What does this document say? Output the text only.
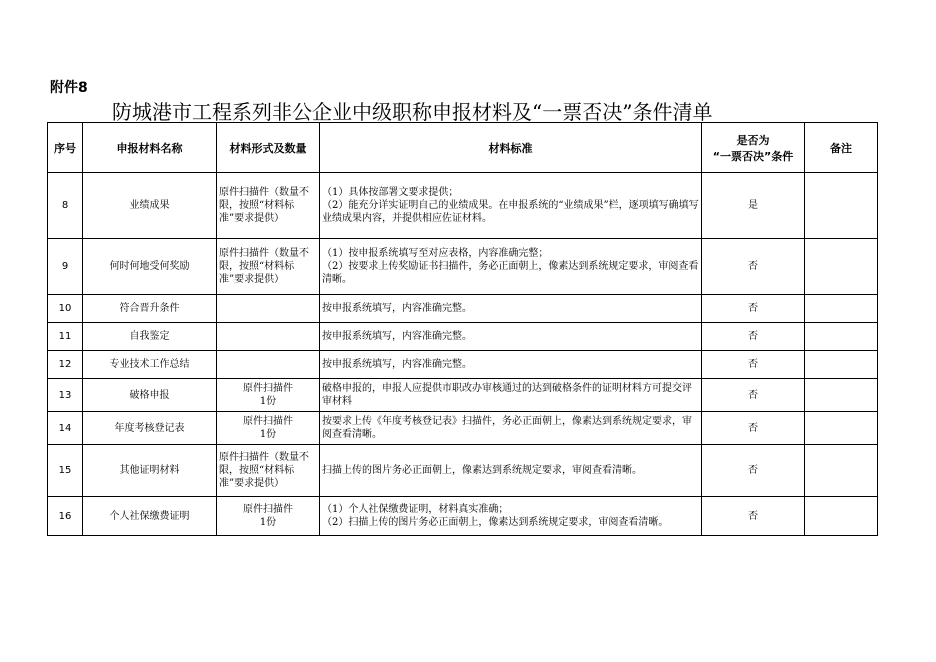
附件8
防城港市工程系列非公企业中级职称申报材料及“一票否决”条件清单
序号	申报材料名称	材料形式及数量	材料标准	是否为
“一票否决”条件	备注
8	业绩成果	原件扫描件（数量不限，按照“材料标准”要求提供）	（1）具体按部署文要求提供；
（2）能充分详实证明自己的业绩成果。在申报系统的“业绩成果”栏，逐项填写确填写业绩成果内容，并提供相应佐证材料。	是	
9	何时何地受何奖励	原件扫描件（数量不限，按照“材料标准”要求提供）	（1）按申报系统填写至对应表格，内容准确完整；
（2）按要求上传奖励证书扫描件，务必正面朝上，像素达到系统规定要求，审阅查看清晰。	否	
10	符合晋升条件		按申报系统填写，内容准确完整。	否	
11	自我鉴定		按申报系统填写，内容准确完整。	否	
12	专业技术工作总结		按申报系统填写，内容准确完整。	否	
13	破格申报	原件扫描件
1份	破格申报的，申报人应提供市职改办审核通过的达到破格条件的证明材料方可提交评审材料	否	
14	年度考核登记表	原件扫描件
1份	按要求上传《年度考核登记表》扫描件，务必正面朝上，像素达到系统规定要求，审阅查看清晰。	否	
15	其他证明材料	原件扫描件（数量不限，按照“材料标准”要求提供）	扫描上传的图片务必正面朝上，像素达到系统规定要求，审阅查看清晰。	否	
16	个人社保缴费证明	原件扫描件
1份	（1）个人社保缴费证明，材料真实准确；
（2）扫描上传的图片务必正面朝上，像素达到系统规定要求，审阅查看清晰。	否	
